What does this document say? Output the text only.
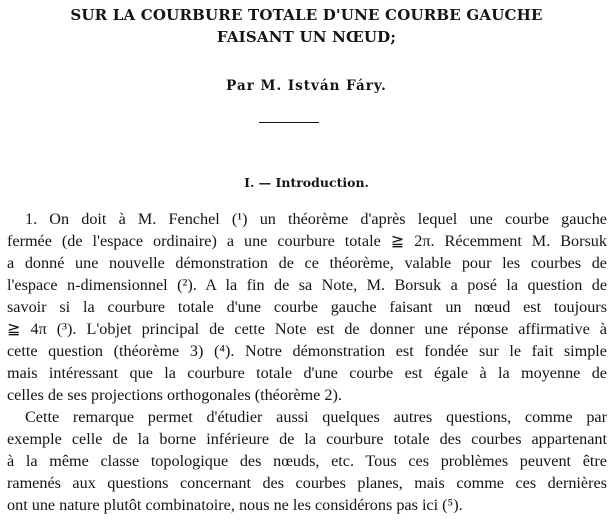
SUR LA COURBURE TOTALE D'UNE COURBE GAUCHE
FAISANT UN NŒUD;
Par M. István Fáry.
I. — Introduction.
1. On doit à M. Fenchel (¹) un théorème d'après lequel une courbe gauche
fermée (de l'espace ordinaire) a une courbure totale ≧ 2π. Récemment M. Borsuk
a donné une nouvelle démonstration de ce théorème, valable pour les courbes de
l'espace n-dimensionnel (²). A la fin de sa Note, M. Borsuk a posé la question de
savoir si la courbure totale d'une courbe gauche faisant un nœud est toujours
≧ 4π (³). L'objet principal de cette Note est de donner une réponse affirmative à
cette question (théorème 3) (⁴). Notre démonstration est fondée sur le fait simple
mais intéressant que la courbure totale d'une courbe est égale à la moyenne de
celles de ses projections orthogonales (théorème 2).
Cette remarque permet d'étudier aussi quelques autres questions, comme par
exemple celle de la borne inférieure de la courbure totale des courbes appartenant
à la même classe topologique des nœuds, etc. Tous ces problèmes peuvent être
ramenés aux questions concernant des courbes planes, mais comme ces dernières
ont une nature plutôt combinatoire, nous ne les considérons pas ici (⁵).
